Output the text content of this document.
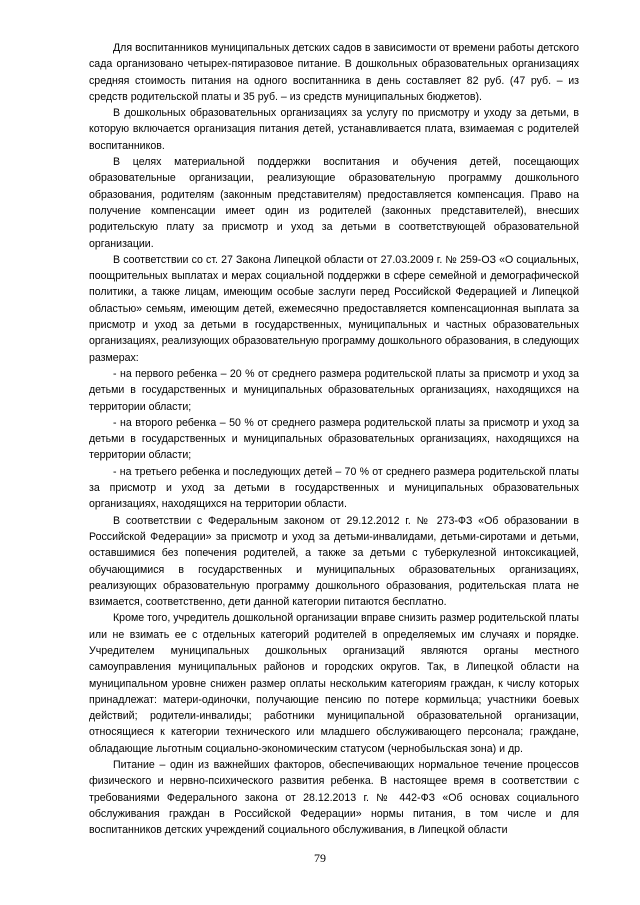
Для воспитанников муниципальных детских садов в зависимости от времени работы детского сада организовано четырех-пятиразовое питание. В дошкольных образовательных организациях средняя стоимость питания на одного воспитанника в день составляет 82 руб. (47 руб. – из средств родительской платы и 35 руб. – из средств муниципальных бюджетов).

В дошкольных образовательных организациях за услугу по присмотру и уходу за детьми, в которую включается организация питания детей, устанавливается плата, взимаемая с родителей воспитанников.

В целях материальной поддержки воспитания и обучения детей, посещающих образовательные организации, реализующие образовательную программу дошкольного образования, родителям (законным представителям) предоставляется компенсация. Право на получение компенсации имеет один из родителей (законных представителей), внесших родительскую плату за присмотр и уход за детьми в соответствующей образовательной организации.

В соответствии со ст. 27 Закона Липецкой области от 27.03.2009 г. № 259-ОЗ «О социальных, поощрительных выплатах и мерах социальной поддержки в сфере семейной и демографической политики, а также лицам, имеющим особые заслуги перед Российской Федерацией и Липецкой областью» семьям, имеющим детей, ежемесячно предоставляется компенсационная выплата за присмотр и уход за детьми в государственных, муниципальных и частных образовательных организациях, реализующих образовательную программу дошкольного образования, в следующих размерах:

- на первого ребенка – 20 % от среднего размера родительской платы за присмотр и уход за детьми в государственных и муниципальных образовательных организациях, находящихся на территории области;

- на второго ребенка – 50 % от среднего размера родительской платы за присмотр и уход за детьми в государственных и муниципальных образовательных организациях, находящихся на территории области;

- на третьего ребенка и последующих детей – 70 % от среднего размера родительской платы за присмотр и уход за детьми в государственных и муниципальных образовательных организациях, находящихся на территории области.

В соответствии с Федеральным законом от 29.12.2012 г. № 273-ФЗ «Об образовании в Российской Федерации» за присмотр и уход за детьми-инвалидами, детьми-сиротами и детьми, оставшимися без попечения родителей, а также за детьми с туберкулезной интоксикацией, обучающимися в государственных и муниципальных образовательных организациях, реализующих образовательную программу дошкольного образования, родительская плата не взимается, соответственно, дети данной категории питаются бесплатно.

Кроме того, учредитель дошкольной организации вправе снизить размер родительской платы или не взимать ее с отдельных категорий родителей в определяемых им случаях и порядке. Учредителем муниципальных дошкольных организаций являются органы местного самоуправления муниципальных районов и городских округов. Так, в Липецкой области на муниципальном уровне снижен размер оплаты нескольким категориям граждан, к числу которых принадлежат: матери-одиночки, получающие пенсию по потере кормильца; участники боевых действий; родители-инвалиды; работники муниципальной образовательной организации, относящиеся к категории технического или младшего обслуживающего персонала; граждане, обладающие льготным социально-экономическим статусом (чернобыльская зона) и др.

Питание – один из важнейших факторов, обеспечивающих нормальное течение процессов физического и нервно-психического развития ребенка. В настоящее время в соответствии с требованиями Федерального закона от 28.12.2013 г. № 442-ФЗ «Об основах социального обслуживания граждан в Российской Федерации» нормы питания, в том числе и для воспитанников детских учреждений социального обслуживания, в Липецкой области

79
